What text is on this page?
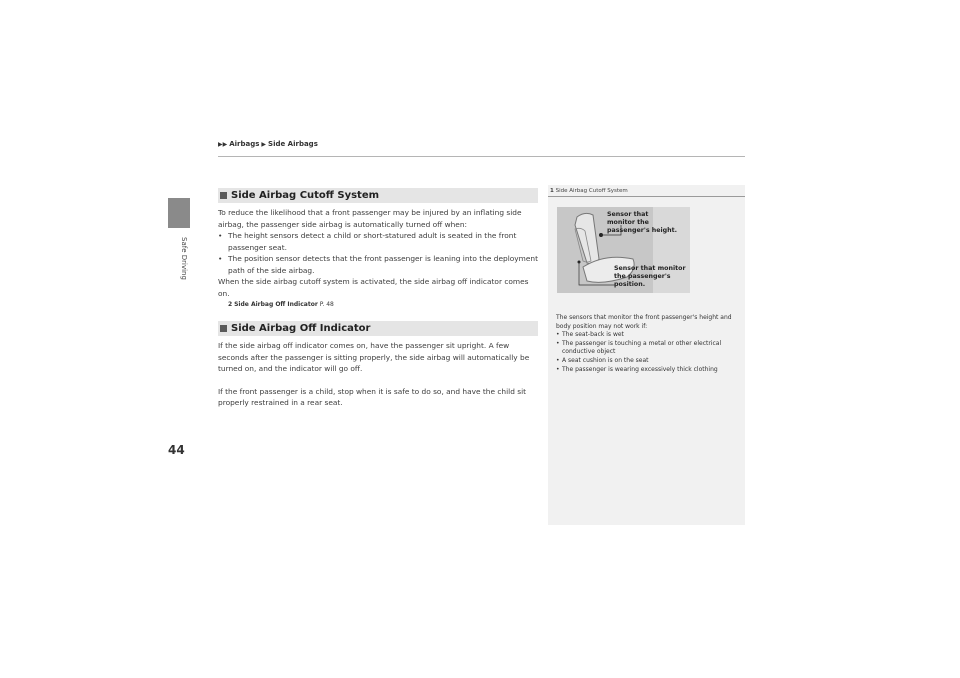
Safe Driving
44
▶▶ Airbags ▶ Side Airbags
Side Airbag Cutoff System

To reduce the likelihood that a front passenger may be injured by an inflating side airbag, the passenger side airbag is automatically turned off when:

• The height sensors detect a child or short-statured adult is seated in the front passenger seat.
• The position sensor detects that the front passenger is leaning into the deployment path of the side airbag.

When the side airbag cutoff system is activated, the side airbag off indicator comes on.

2 Side Airbag Off Indicator P. 48
Side Airbag Off Indicator

If the side airbag off indicator comes on, have the passenger sit upright. A few seconds after the passenger is sitting properly, the side airbag will automatically be turned on, and the indicator will go off.

If the front passenger is a child, stop when it is safe to do so, and have the child sit properly restrained in a rear seat.

1 Side Airbag Cutoff System
Sensor that
monitor the
passenger's height.
Sensor that monitor
the passenger's
position.

The sensors that monitor the front passenger's height and body position may not work if:

• The seat-back is wet
• The passenger is touching a metal or other electrical conductive object
• A seat cushion is on the seat
• The passenger is wearing excessively thick clothing
